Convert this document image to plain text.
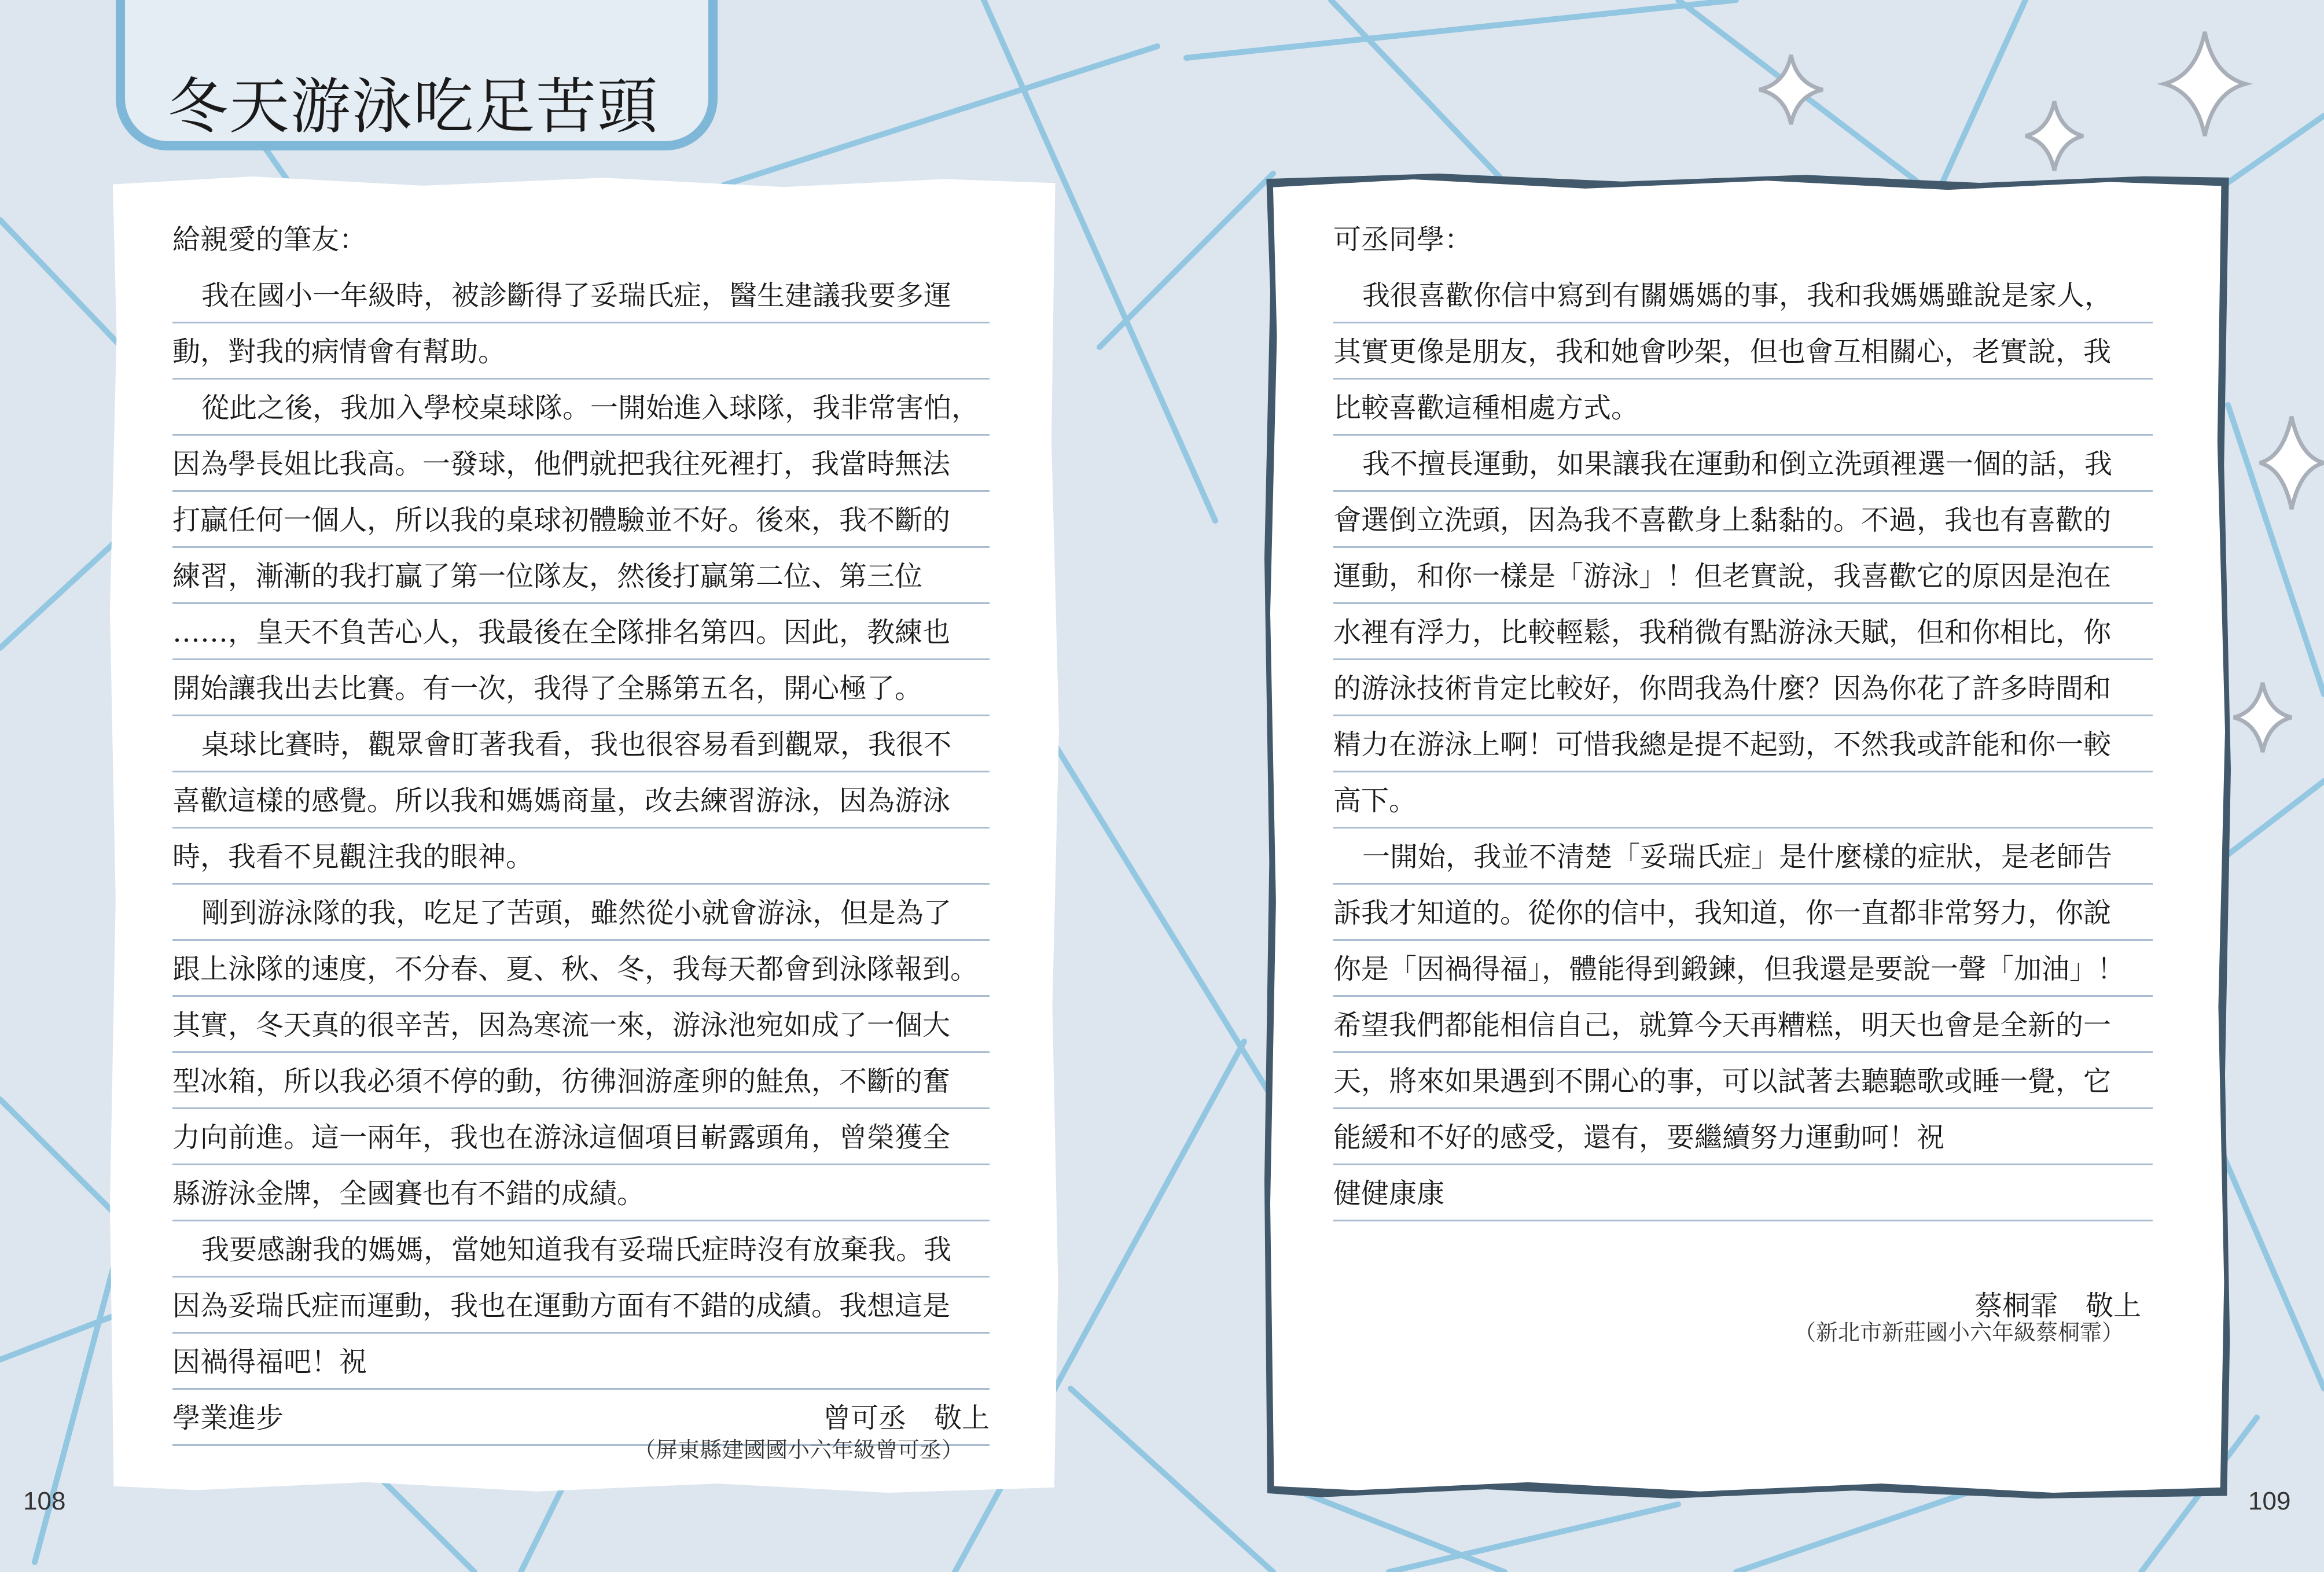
冬天游泳吃足苦頭
給親愛的筆友：
我在國小一年級時，被診斷得了妥瑞氏症，醫生建議我要多運
動，對我的病情會有幫助。
從此之後，我加入學校桌球隊。一開始進入球隊，我非常害怕，
因為學長姐比我高。一發球，他們就把我往死裡打，我當時無法
打贏任何一個人，所以我的桌球初體驗並不好。後來，我不斷的
練習，漸漸的我打贏了第一位隊友，然後打贏第二位、第三位
……，皇天不負苦心人，我最後在全隊排名第四。因此，教練也
開始讓我出去比賽。有一次，我得了全縣第五名，開心極了。
桌球比賽時，觀眾會盯著我看，我也很容易看到觀眾，我很不
喜歡這樣的感覺。所以我和媽媽商量，改去練習游泳，因為游泳
時，我看不見觀注我的眼神。
剛到游泳隊的我，吃足了苦頭，雖然從小就會游泳，但是為了
跟上泳隊的速度，不分春、夏、秋、冬，我每天都會到泳隊報到。
其實，冬天真的很辛苦，因為寒流一來，游泳池宛如成了一個大
型冰箱，所以我必須不停的動，彷彿洄游產卵的鮭魚，不斷的奮
力向前進。這一兩年，我也在游泳這個項目嶄露頭角，曾榮獲全
縣游泳金牌，全國賽也有不錯的成績。
我要感謝我的媽媽，當她知道我有妥瑞氏症時沒有放棄我。我
因為妥瑞氏症而運動，我也在運動方面有不錯的成績。我想這是
因禍得福吧！祝
學業進步	曾可丞　敬上
（屏東縣建國國小六年級曾可丞）
可丞同學：
我很喜歡你信中寫到有關媽媽的事，我和我媽媽雖說是家人，
其實更像是朋友，我和她會吵架，但也會互相關心，老實說，我
比較喜歡這種相處方式。
我不擅長運動，如果讓我在運動和倒立洗頭裡選一個的話，我
會選倒立洗頭，因為我不喜歡身上黏黏的。不過，我也有喜歡的
運動，和你一樣是「游泳」！但老實說，我喜歡它的原因是泡在
水裡有浮力，比較輕鬆，我稍微有點游泳天賦，但和你相比，你
的游泳技術肯定比較好，你問我為什麼？因為你花了許多時間和
精力在游泳上啊！可惜我總是提不起勁，不然我或許能和你一較
高下。
一開始，我並不清楚「妥瑞氏症」是什麼樣的症狀，是老師告
訴我才知道的。從你的信中，我知道，你一直都非常努力，你說
你是「因禍得福」，體能得到鍛鍊，但我還是要說一聲「加油」！
希望我們都能相信自己，就算今天再糟糕，明天也會是全新的一
天，將來如果遇到不開心的事，可以試著去聽聽歌或睡一覺，它
能緩和不好的感受，還有，要繼續努力運動呵！祝
健健康康
蔡桐霏　敬上
（新北市新莊國小六年級蔡桐霏）
108	109
